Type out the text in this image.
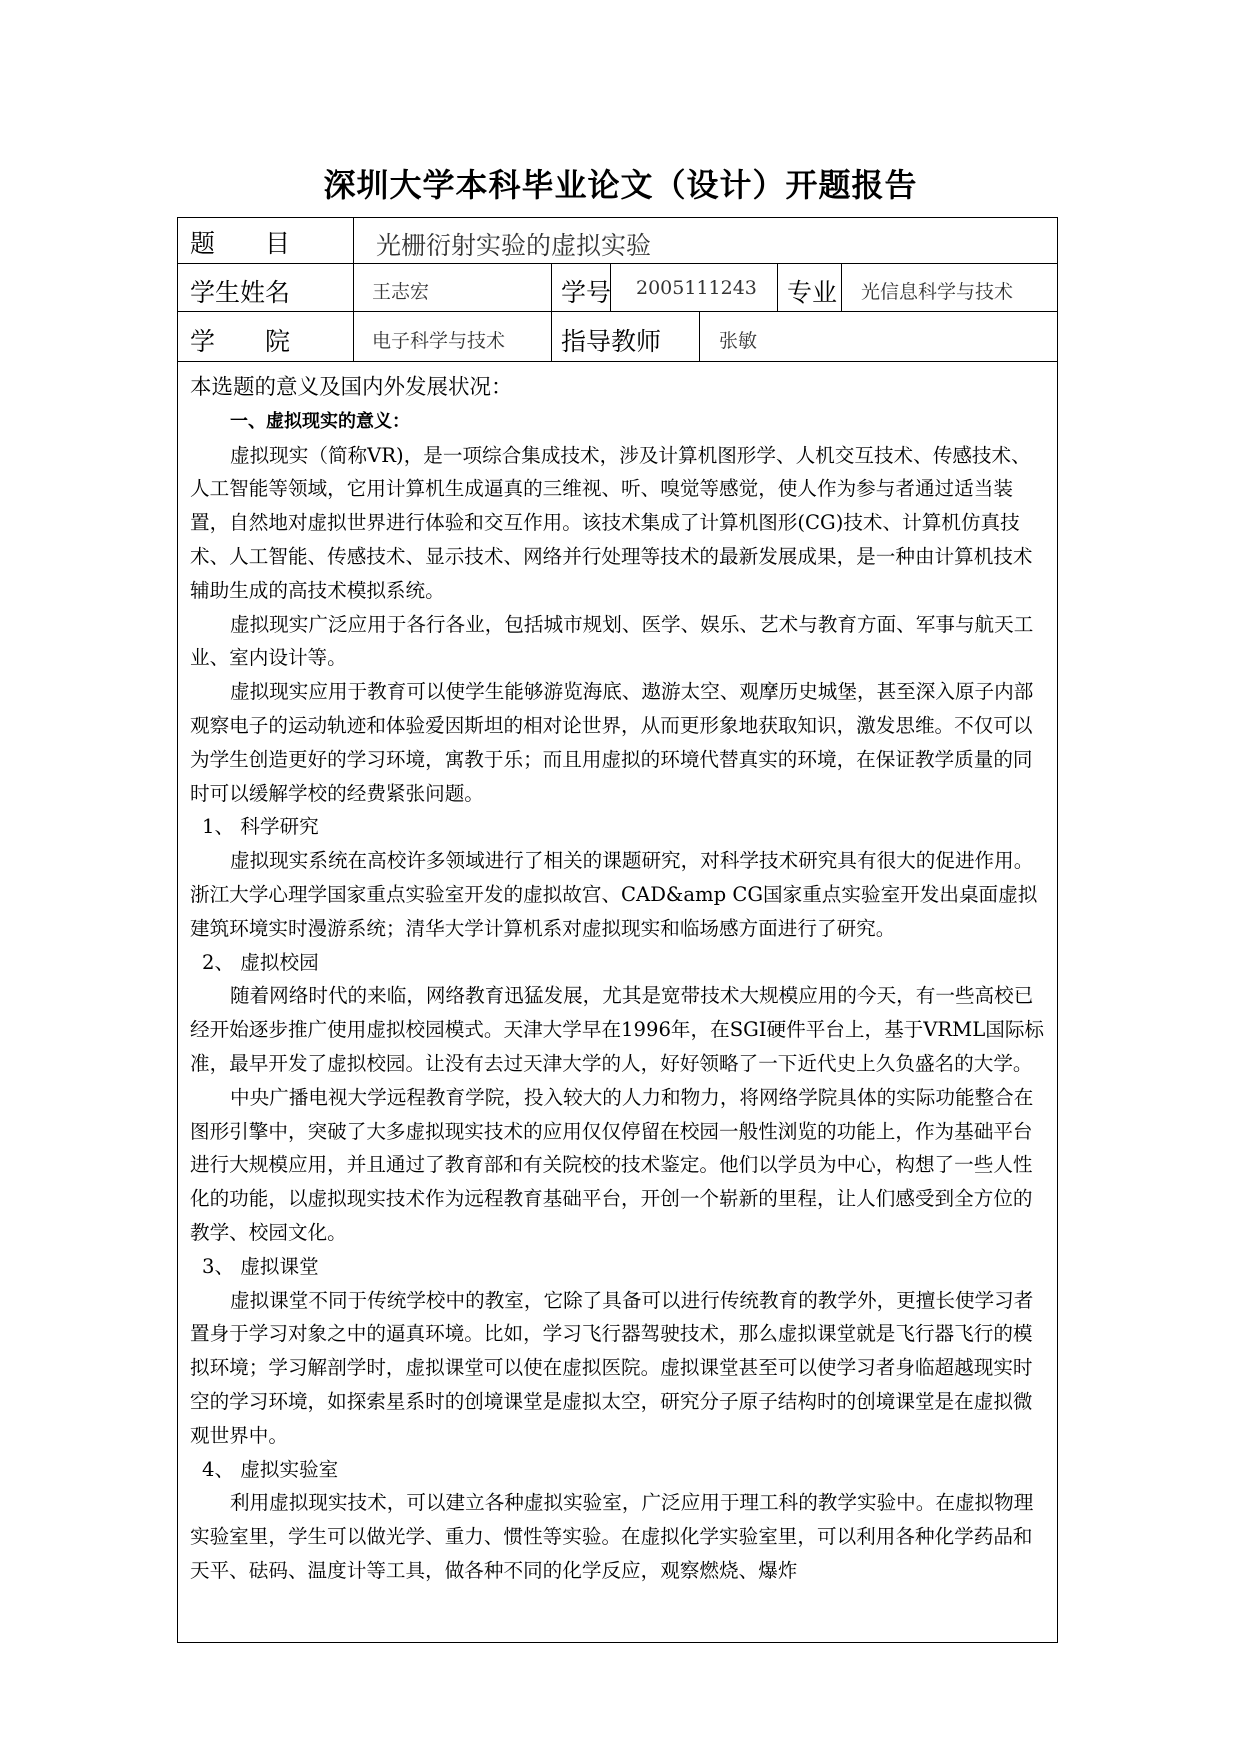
深圳大学本科毕业论文（设计）开题报告
题　　目	光栅衍射实验的虚拟实验
学生姓名	王志宏	学号 2005111243 专业 光信息科学与技术
学　　院	电子科学与技术 指导教师	张敏

本选题的意义及国内外发展状况：

一、虚拟现实的意义：

虚拟现实（简称VR)，是一项综合集成技术，涉及计算机图形学、人机交互技术、传感技术、人工智能等领域，它用计算机生成逼真的三维视、听、嗅觉等感觉，使人作为参与者通过适当装置，自然地对虚拟世界进行体验和交互作用。该技术集成了计算机图形(CG)技术、计算机仿真技术、人工智能、传感技术、显示技术、网络并行处理等技术的最新发展成果，是一种由计算机技术辅助生成的高技术模拟系统。

虚拟现实广泛应用于各行各业，包括城市规划、医学、娱乐、艺术与教育方面、军事与航天工业、室内设计等。

虚拟现实应用于教育可以使学生能够游览海底、遨游太空、观摩历史城堡，甚至深入原子内部观察电子的运动轨迹和体验爱因斯坦的相对论世界，从而更形象地获取知识，激发思维。不仅可以为学生创造更好的学习环境，寓教于乐；而且用虚拟的环境代替真实的环境，在保证教学质量的同时可以缓解学校的经费紧张问题。

1、 科学研究

虚拟现实系统在高校许多领域进行了相关的课题研究，对科学技术研究具有很大的促进作用。浙江大学心理学国家重点实验室开发的虚拟故宫、CAD&amp CG国家重点实验室开发出桌面虚拟建筑环境实时漫游系统；清华大学计算机系对虚拟现实和临场感方面进行了研究。

2、 虚拟校园

随着网络时代的来临，网络教育迅猛发展，尤其是宽带技术大规模应用的今天，有一些高校已经开始逐步推广使用虚拟校园模式。天津大学早在1996年，在SGI硬件平台上，基于VRML国际标准，最早开发了虚拟校园。让没有去过天津大学的人，好好领略了一下近代史上久负盛名的大学。

中央广播电视大学远程教育学院，投入较大的人力和物力，将网络学院具体的实际功能整合在图形引擎中，突破了大多虚拟现实技术的应用仅仅停留在校园一般性浏览的功能上，作为基础平台进行大规模应用，并且通过了教育部和有关院校的技术鉴定。他们以学员为中心，构想了一些人性化的功能，以虚拟现实技术作为远程教育基础平台，开创一个崭新的里程，让人们感受到全方位的教学、校园文化。

3、 虚拟课堂

虚拟课堂不同于传统学校中的教室，它除了具备可以进行传统教育的教学外，更擅长使学习者置身于学习对象之中的逼真环境。比如，学习飞行器驾驶技术，那么虚拟课堂就是飞行器飞行的模拟环境；学习解剖学时，虚拟课堂可以使在虚拟医院。虚拟课堂甚至可以使学习者身临超越现实时空的学习环境，如探索星系时的创境课堂是虚拟太空，研究分子原子结构时的创境课堂是在虚拟微观世界中。

4、 虚拟实验室

利用虚拟现实技术，可以建立各种虚拟实验室，广泛应用于理工科的教学实验中。在虚拟物理实验室里，学生可以做光学、重力、惯性等实验。在虚拟化学实验室里，可以利用各种化学药品和天平、砝码、温度计等工具，做各种不同的化学反应，观察燃烧、爆炸
